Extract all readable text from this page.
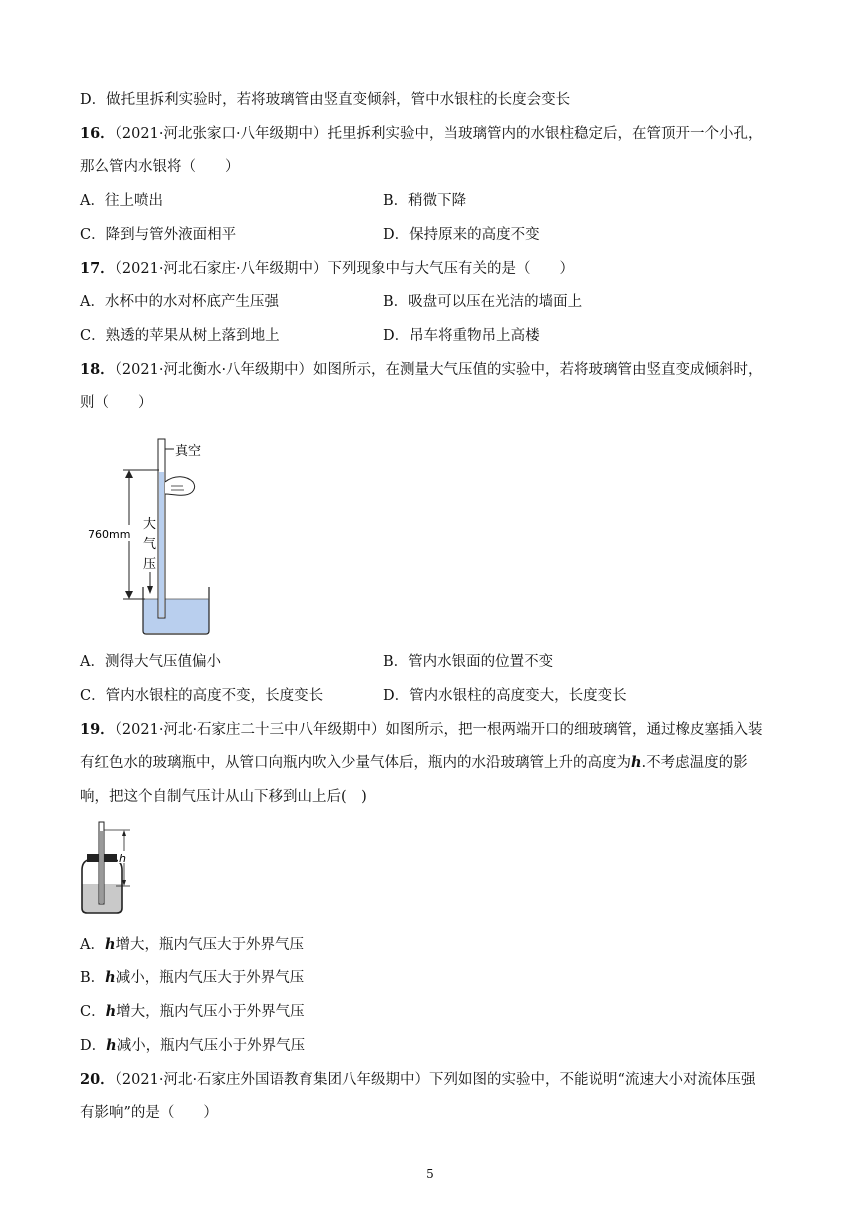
D．做托里拆利实验时，若将玻璃管由竖直变倾斜，管中水银柱的长度会变长
16．（2021·河北张家口·八年级期中）托里拆利实验中，当玻璃管内的水银柱稳定后，在管顶开一个小孔，
那么管内水银将（　　）
A．往上喷出	B．稍微下降
C．降到与管外液面相平	D．保持原来的高度不变
17．（2021·河北石家庄·八年级期中）下列现象中与大气压有关的是（　　）
A．水杯中的水对杯底产生压强	B．吸盘可以压在光洁的墙面上
C．熟透的苹果从树上落到地上	D．吊车将重物吊上高楼
18．（2021·河北衡水·八年级期中）如图所示，在测量大气压值的实验中，若将玻璃管由竖直变成倾斜时，
则（　　）
真空
760mm
大
气
压
A．测得大气压值偏小	B．管内水银面的位置不变
C．管内水银柱的高度不变，长度变长	D．管内水银柱的高度变大，长度变长
19．（2021·河北·石家庄二十三中八年级期中）如图所示，把一根两端开口的细玻璃管，通过橡皮塞插入装
有红色水的玻璃瓶中，从管口向瓶内吹入少量气体后，瓶内的水沿玻璃管上升的高度为h.不考虑温度的影
响，把这个自制气压计从山下移到山上后(　)
h
A．h增大，瓶内气压大于外界气压
B．h减小，瓶内气压大于外界气压
C．h增大，瓶内气压小于外界气压
D．h减小，瓶内气压小于外界气压
20．（2021·河北·石家庄外国语教育集团八年级期中）下列如图的实验中，不能说明“流速大小对流体压强
有影响”的是（　　）
5
